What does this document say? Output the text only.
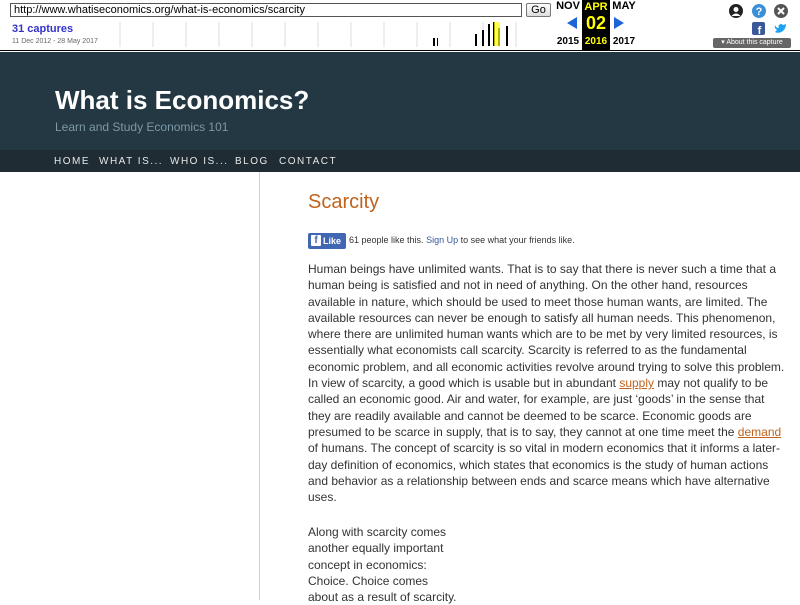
http://www.whatiseconomics.org/what-is-economics/scarcity
Go
31 captures
11 Dec 2012 - 28 May 2017
NOV
2015
APR
02
2016
MAY
2017
?
f
▾ About this capture
What is Economics?
Learn and Study Economics 101
HOME WHAT IS... WHO IS... BLOG CONTACT
Scarcity
f Like 61 people like this. Sign Up to see what your friends like.
Human beings have unlimited wants. That is to say that there is never such a time that a
human being is satisfied and not in need of anything. On the other hand, resources
available in nature, which should be used to meet those human wants, are limited. The
available resources can never be enough to satisfy all human needs. This phenomenon,
where there are unlimited human wants which are to be met by very limited resources, is
essentially what economists call scarcity. Scarcity is referred to as the fundamental
economic problem, and all economic activities revolve around trying to solve this problem.
In view of scarcity, a good which is usable but in abundant supply may not qualify to be
called an economic good. Air and water, for example, are just ‘goods’ in the sense that
they are readily available and cannot be deemed to be scarce. Economic goods are
presumed to be scarce in supply, that is to say, they cannot at one time meet the demand
of humans. The concept of scarcity is so vital in modern economics that it informs a later-
day definition of economics, which states that economics is the study of human actions
and behavior as a relationship between ends and scarce means which have alternative
uses.
Along with scarcity comes
another equally important
concept in economics:
Choice. Choice comes
about as a result of scarcity.
